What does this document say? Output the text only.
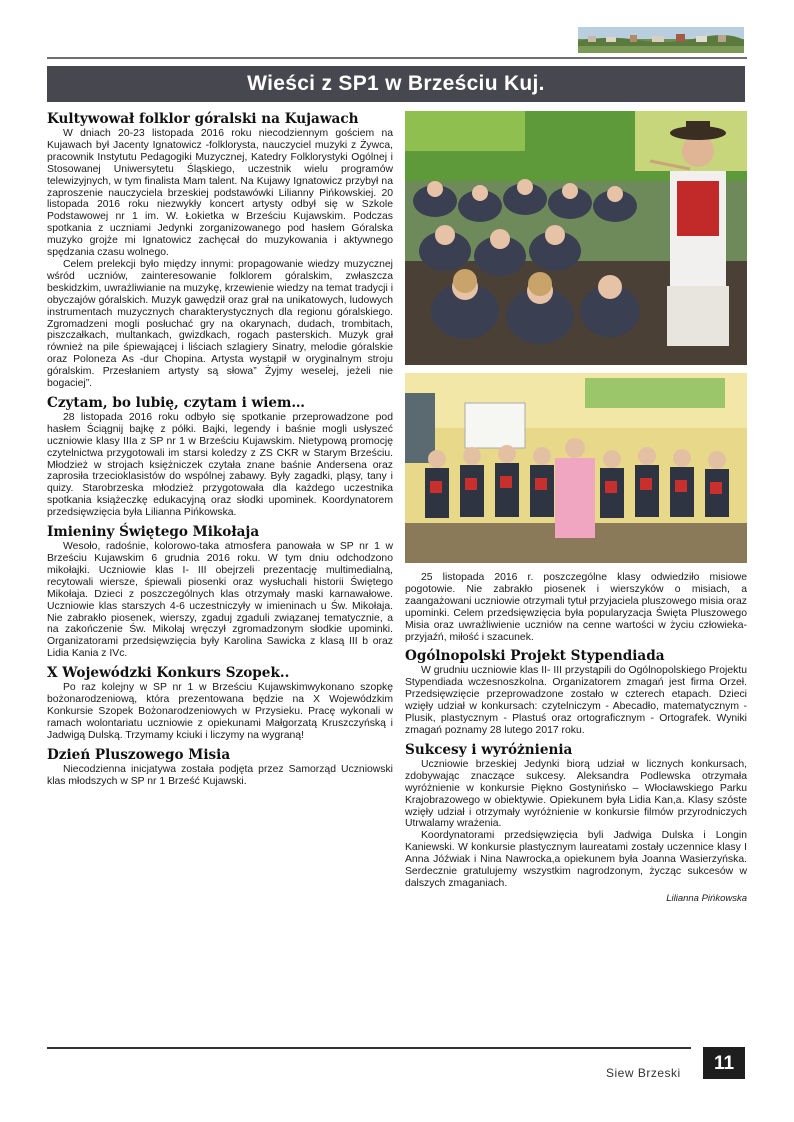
Wieści z SP1 w Brześciu Kuj.
Kultywował folklor góralski na Kujawach

W dniach 20-23 listopada 2016 roku niecodziennym gościem na Kujawach był Jacenty Ignatowicz -folklorysta, nauczyciel muzyki z Żywca, pracownik Instytutu Pedagogiki Muzycznej, Katedry Folklorystyki Ogólnej i Stosowanej Uniwersytetu Śląskiego, uczestnik wielu programów telewizyjnych, w tym finalista Mam talent. Na Kujawy Ignatowicz przybył na zaproszenie nauczyciela brzeskiej podstawówki Lilianny Pińkowskiej. 20 listopada 2016 roku niezwykły koncert artysty odbył się w Szkole Podstawowej nr 1 im. W. Łokietka w Brześciu Kujawskim. Podczas spotkania z uczniami Jedynki zorganizowanego pod hasłem Góralska muzyko grojże mi Ignatowicz zachęcał do muzykowania i aktywnego spędzania czasu wolnego.

Celem prelekcji było między innymi: propagowanie wiedzy muzycznej wśród uczniów, zainteresowanie folklorem góralskim, zwłaszcza beskidzkim, uwrażliwianie na muzykę, krzewienie wiedzy na temat tradycji i obyczajów góralskich. Muzyk gawędził oraz grał na unikatowych, ludowych instrumentach muzycznych charakterystycznych dla regionu góralskiego. Zgromadzeni mogli posłuchać gry na okarynach, dudach, trombitach, piszczałkach, multankach, gwizdkach, rogach pasterskich. Muzyk grał również na pile śpiewającej i liściach szlagiery Sinatry, melodie góralskie oraz Poloneza As -dur Chopina. Artysta wystąpił w oryginalnym stroju góralskim. Przesłaniem artysty są słowa” Żyjmy weselej, jeżeli nie bogaciej”.

Czytam, bo lubię, czytam i wiem…

28 listopada 2016 roku odbyło się spotkanie przeprowadzone pod hasłem Ściągnij bajkę z półki. Bajki, legendy i baśnie mogli usłyszeć uczniowie klasy IIIa z SP nr 1 w Brześciu Kujawskim. Nietypową promocję czytelnictwa przygotowali im starsi koledzy z ZS CKR w Starym Brześciu. Młodzież w strojach księżniczek czytała znane baśnie Andersena oraz zaprosiła trzecioklasistów do wspólnej zabawy. Były zagadki, pląsy, tany i quizy. Starobrzeska młodzież przygotowała dla każdego uczestnika spotkania książeczkę edukacyjną oraz słodki upominek. Koordynatorem przedsięwzięcia była Lilianna Pińkowska.

Imieniny Świętego Mikołaja

Wesoło, radośnie, kolorowo-taka atmosfera panowała w SP nr 1 w Brześciu Kujawskim 6 grudnia 2016 roku. W tym dniu odchodzono mikołajki. Uczniowie klas I- III obejrzeli prezentację multimedialną, recytowali wiersze, śpiewali piosenki oraz wysłuchali historii Świętego Mikołaja. Dzieci z poszczególnych klas otrzymały maski karnawałowe. Uczniowie klas starszych 4-6 uczestniczyły w imieninach u Św. Mikołaja. Nie zabrakło piosenek, wierszy, zgaduj zgaduli związanej tematycznie, a na zakończenie Św. Mikołaj wręczył zgromadzonym słodkie upominki. Organizatorami przedsięwzięcia były Karolina Sawicka z klasą III b oraz Lidia Kania z IVc.

X Wojewódzki Konkurs Szopek..

Po raz kolejny w SP nr 1 w Brześciu Kujawskimwykonano szopkę bożonarodzeniową, która prezentowana będzie na X Wojewódzkim Konkursie Szopek Bożonarodzeniowych w Przysieku. Pracę wykonali w ramach wolontariatu uczniowie z opiekunami Małgorzatą Kruszczyńską i Jadwigą Dulską. Trzymamy kciuki i liczymy na wygraną!

Dzień Pluszowego Misia

Niecodzienna inicjatywa została podjęta przez Samorząd Uczniowski klas młodszych w SP nr 1 Brześć Kujawski.

25 listopada 2016 r. poszczególne klasy odwiedziło misiowe pogotowie. Nie zabrakło piosenek i wierszyków o misiach, a zaangażowani uczniowie otrzymali tytuł przyjaciela pluszowego misia oraz upominki. Celem przedsięwzięcia była popularyzacja Święta Pluszowego Misia oraz uwrażliwienie uczniów na cenne wartości w życiu człowieka- przyjaźń, miłość i szacunek.

Ogólnopolski Projekt Stypendiada

W grudniu uczniowie klas II- III przystąpili do Ogólnopolskiego Projektu Stypendiada wczesnoszkolna. Organizatorem zmagań jest firma Orzeł. Przedsięwzięcie przeprowadzone zostało w czterech etapach. Dzieci wzięły udział w konkursach: czytelniczym - Abecadło, matematycznym - Plusik, plastycznym - Plastuś oraz ortograficznym - Ortografek. Wyniki zmagań poznamy 28 lutego 2017 roku.

Sukcesy i wyróżnienia

Uczniowie brzeskiej Jedynki biorą udział w licznych konkursach, zdobywając znaczące sukcesy. Aleksandra Podlewska otrzymała wyróżnienie w konkursie Piękno Gostynińsko – Włocławskiego Parku Krajobrazowego w obiektywie. Opiekunem była Lidia Kan,a. Klasy szóste wzięły udział i otrzymały wyróżnienie w konkursie filmów przyrodniczych Utrwalamy wrażenia.

Koordynatorami przedsięwzięcia byli Jadwiga Dulska i Longin Kaniewski. W konkursie plastycznym laureatami zostały uczennice klasy I Anna Jóźwiak i Nina Nawrocka,a opiekunem była Joanna Wasierzyńska. Serdecznie gratulujemy wszystkim nagrodzonym, życząc sukcesów w dalszych zmaganiach.

Lilianna Pińkowska
Siew Brzeski	11
